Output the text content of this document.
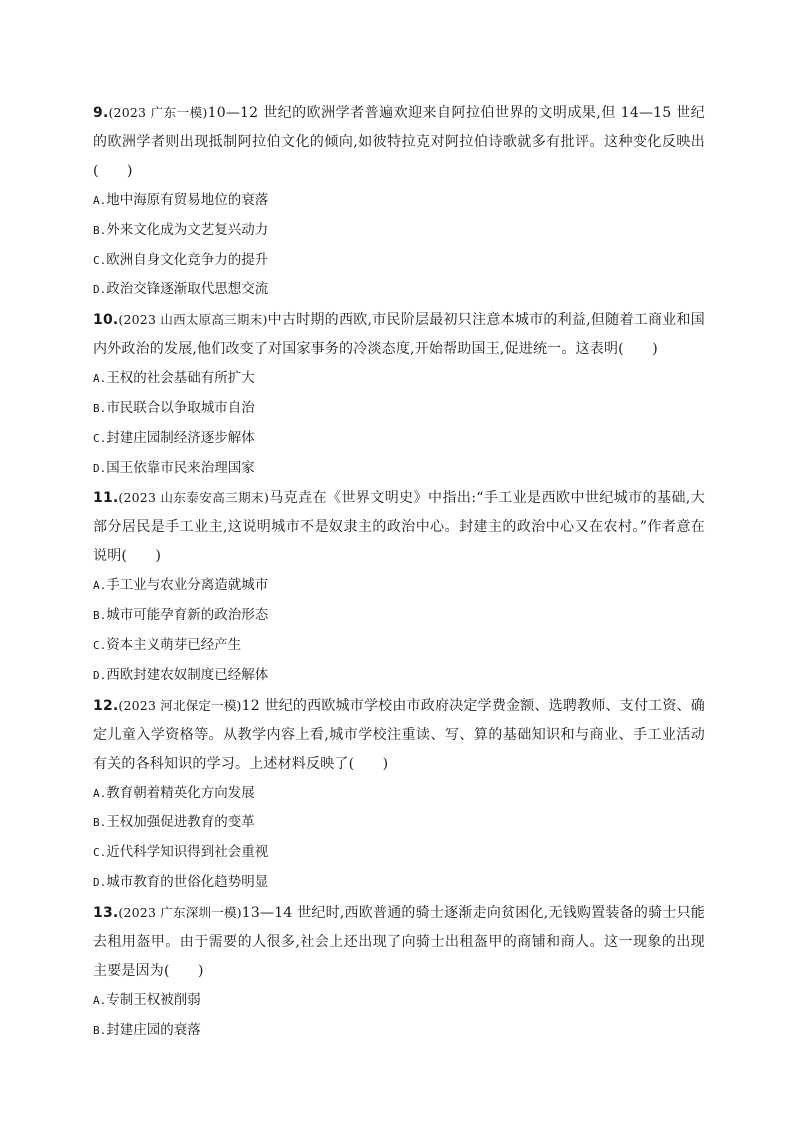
9.(2023 广东一模)10—12 世纪的欧洲学者普遍欢迎来自阿拉伯世界的文明成果,但 14—15 世纪的欧洲学者则出现抵制阿拉伯文化的倾向,如彼特拉克对阿拉伯诗歌就多有批评。这种变化反映出(　　)

A.地中海原有贸易地位的衰落

B.外来文化成为文艺复兴动力

C.欧洲自身文化竞争力的提升

D.政治交锋逐渐取代思想交流

10.(2023 山西太原高三期末)中古时期的西欧,市民阶层最初只注意本城市的利益,但随着工商业和国内外政治的发展,他们改变了对国家事务的冷淡态度,开始帮助国王,促进统一。这表明(　　)

A.王权的社会基础有所扩大

B.市民联合以争取城市自治

C.封建庄园制经济逐步解体

D.国王依靠市民来治理国家

11.(2023 山东泰安高三期末)马克垚在《世界文明史》中指出:“手工业是西欧中世纪城市的基础,大部分居民是手工业主,这说明城市不是奴隶主的政治中心。封建主的政治中心又在农村。”作者意在说明(　　)

A.手工业与农业分离造就城市

B.城市可能孕育新的政治形态

C.资本主义萌芽已经产生

D.西欧封建农奴制度已经解体

12.(2023 河北保定一模)12 世纪的西欧城市学校由市政府决定学费金额、选聘教师、支付工资、确定儿童入学资格等。从教学内容上看,城市学校注重读、写、算的基础知识和与商业、手工业活动有关的各科知识的学习。上述材料反映了(　　)

A.教育朝着精英化方向发展

B.王权加强促进教育的变革

C.近代科学知识得到社会重视

D.城市教育的世俗化趋势明显

13.(2023 广东深圳一模)13—14 世纪时,西欧普通的骑士逐渐走向贫困化,无钱购置装备的骑士只能去租用盔甲。由于需要的人很多,社会上还出现了向骑士出租盔甲的商铺和商人。这一现象的出现主要是因为(　　)

A.专制王权被削弱

B.封建庄园的衰落
